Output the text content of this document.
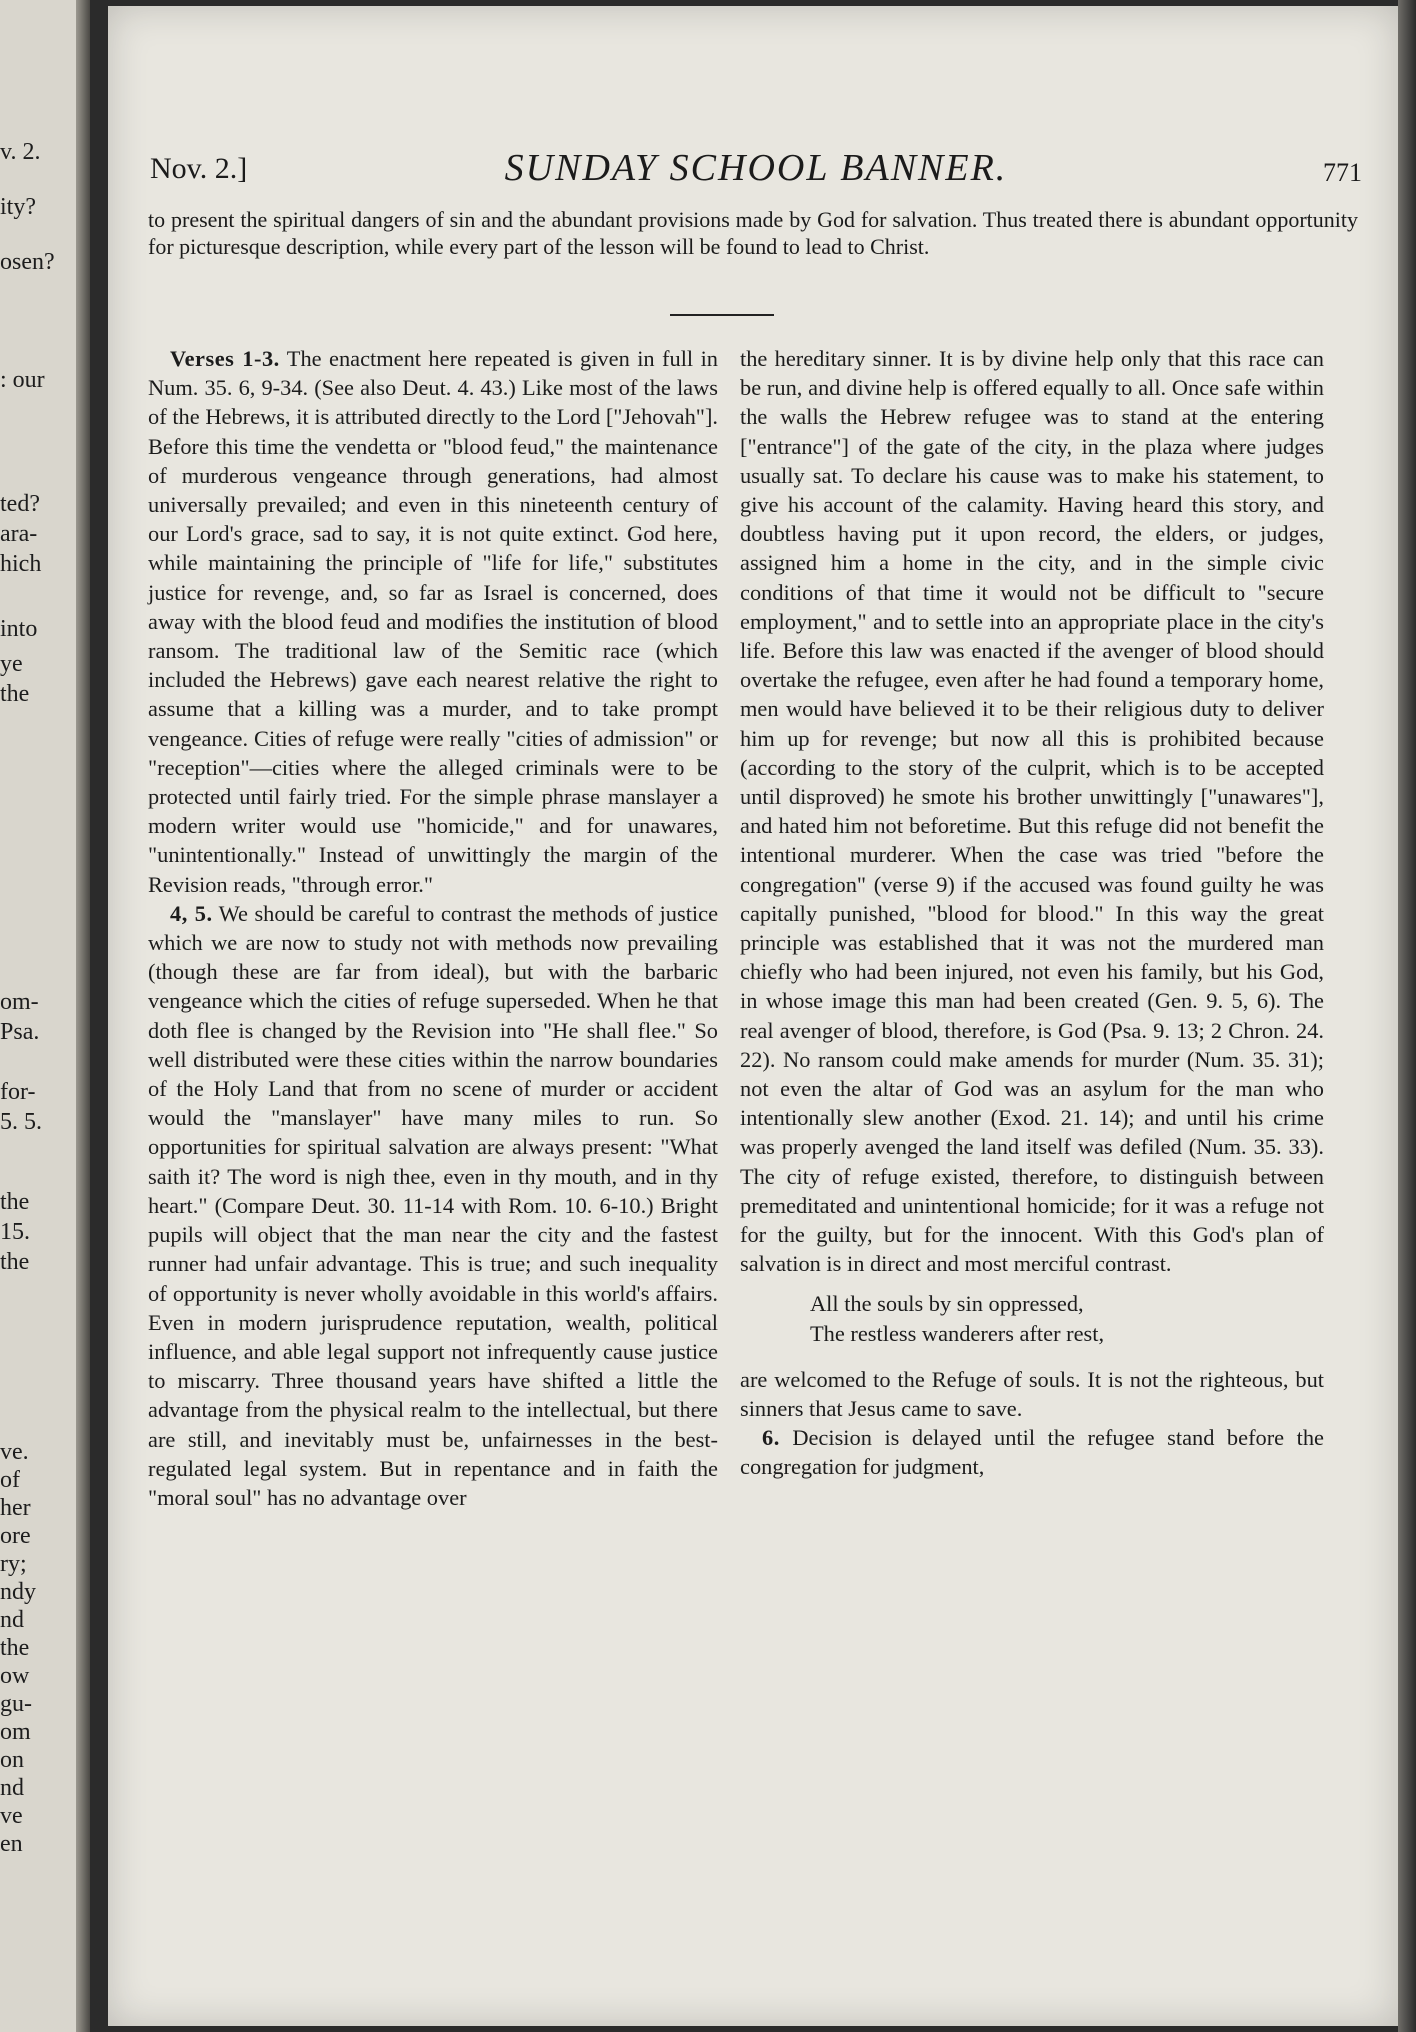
v. 2.
ity?
osen?
: our
ted?
ara-
hich
into
ye
the
om-
Psa.
for-
5. 5.
the
15.
the
ve.
of
her
ore
ry;
ndy
nd
the
ow
gu-
om
on
nd
ve
en
Nov. 2.]	SUNDAY SCHOOL BANNER.	771
to present the spiritual dangers of sin and the abundant provisions made by God for salvation. Thus treated there is abundant opportunity for picturesque description, while every part of the lesson will be found to lead to Christ.

Verses 1-3. The enactment here repeated is given in full in Num. 35. 6, 9-34. (See also Deut. 4. 43.) Like most of the laws of the Hebrews, it is attributed directly to the Lord ["Jehovah"]. Before this time the vendetta or "blood feud," the maintenance of murderous vengeance through generations, had almost universally prevailed; and even in this nineteenth century of our Lord's grace, sad to say, it is not quite extinct. God here, while maintaining the principle of "life for life," substitutes justice for revenge, and, so far as Israel is concerned, does away with the blood feud and modifies the institution of blood ransom. The traditional law of the Semitic race (which included the Hebrews) gave each nearest relative the right to assume that a killing was a murder, and to take prompt vengeance. Cities of refuge were really "cities of admission" or "reception"—cities where the alleged criminals were to be protected until fairly tried. For the simple phrase manslayer a modern writer would use "homicide," and for unawares, "unintentionally." Instead of unwittingly the margin of the Revision reads, "through error."

4, 5. We should be careful to contrast the methods of justice which we are now to study not with methods now prevailing (though these are far from ideal), but with the barbaric vengeance which the cities of refuge superseded. When he that doth flee is changed by the Revision into "He shall flee." So well distributed were these cities within the narrow boundaries of the Holy Land that from no scene of murder or accident would the "manslayer" have many miles to run. So opportunities for spiritual salvation are always present: "What saith it? The word is nigh thee, even in thy mouth, and in thy heart." (Compare Deut. 30. 11-14 with Rom. 10. 6-10.) Bright pupils will object that the man near the city and the fastest runner had unfair advantage. This is true; and such inequality of opportunity is never wholly avoidable in this world's affairs. Even in modern jurisprudence reputation, wealth, political influence, and able legal support not infrequently cause justice to miscarry. Three thousand years have shifted a little the advantage from the physical realm to the intellectual, but there are still, and inevitably must be, unfairnesses in the best-regulated legal system. But in repentance and in faith the "moral soul" has no advantage over

the hereditary sinner. It is by divine help only that this race can be run, and divine help is offered equally to all. Once safe within the walls the Hebrew refugee was to stand at the entering ["entrance"] of the gate of the city, in the plaza where judges usually sat. To declare his cause was to make his statement, to give his account of the calamity. Having heard this story, and doubtless having put it upon record, the elders, or judges, assigned him a home in the city, and in the simple civic conditions of that time it would not be difficult to "secure employment," and to settle into an appropriate place in the city's life. Before this law was enacted if the avenger of blood should overtake the refugee, even after he had found a temporary home, men would have believed it to be their religious duty to deliver him up for revenge; but now all this is prohibited because (according to the story of the culprit, which is to be accepted until disproved) he smote his brother unwittingly ["unawares"], and hated him not beforetime. But this refuge did not benefit the intentional murderer. When the case was tried "before the congregation" (verse 9) if the accused was found guilty he was capitally punished, "blood for blood." In this way the great principle was established that it was not the murdered man chiefly who had been injured, not even his family, but his God, in whose image this man had been created (Gen. 9. 5, 6). The real avenger of blood, therefore, is God (Psa. 9. 13; 2 Chron. 24. 22). No ransom could make amends for murder (Num. 35. 31); not even the altar of God was an asylum for the man who intentionally slew another (Exod. 21. 14); and until his crime was properly avenged the land itself was defiled (Num. 35. 33). The city of refuge existed, therefore, to distinguish between premeditated and unintentional homicide; for it was a refuge not for the guilty, but for the innocent. With this God's plan of salvation is in direct and most merciful contrast.

All the souls by sin oppressed,
The restless wanderers after rest,

are welcomed to the Refuge of souls. It is not the righteous, but sinners that Jesus came to save.

6. Decision is delayed until the refugee stand before the congregation for judgment,
